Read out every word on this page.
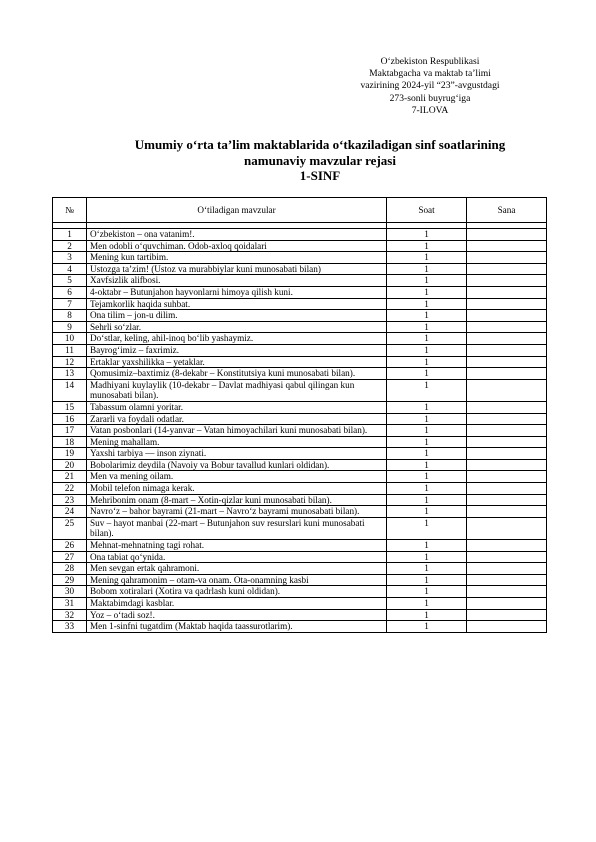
O‘zbekiston Respublikasi
Maktabgacha va maktab ta’limi
vazirining 2024-yil “23”-avgustdagi
273-sonli buyrug‘iga
7-ILOVA
Umumiy o‘rta ta’lim maktablarida o‘tkaziladigan sinf soatlarining
namunaviy mavzular rejasi
1-SINF
№	O‘tiladigan mavzular	Soat	Sana

1	O‘zbekiston – ona vatanim!.	1	
2	Men odobli o‘quvchiman. Odob-axloq qoidalari	1	
3	Mening kun tartibim.	1	
4	Ustozga ta’zim! (Ustoz va murabbiylar kuni munosabati bilan)	1	
5	Xavfsizlik alifbosi.	1	
6	4-oktabr – Butunjahon hayvonlarni himoya qilish kuni.	1	
7	Tejamkorlik haqida suhbat.	1	
8	Ona tilim – jon-u dilim.	1	
9	Sehrli so‘zlar.	1	
10	Do‘stlar, keling, ahil-inoq bo‘lib yashaymiz.	1	
11	Bayrog‘imiz – faxrimiz.	1	
12	Ertaklar yaxshilikka – yetaklar.	1	
13	Qomusimiz–baxtimiz (8-dekabr – Konstitutsiya kuni munosabati bilan).	1	
14	Madhiyani kuylaylik (10-dekabr – Davlat madhiyasi qabul qilingan kun munosabati bilan).	1	
15	Tabassum olamni yoritar.	1	
16	Zararli va foydali odatlar.	1	
17	Vatan posbonlari (14-yanvar – Vatan himoyachilari kuni munosabati bilan).	1	
18	Mening mahallam.	1	
19	Yaxshi tarbiya — inson ziynati.	1	
20	Bobolarimiz deydila (Navoiy va Bobur tavallud kunlari oldidan).	1	
21	Men va mening oilam.	1	
22	Mobil telefon nimaga kerak.	1	
23	Mehribonim onam (8-mart – Xotin-qizlar kuni munosabati bilan).	1	
24	Navro‘z – bahor bayrami (21-mart – Navro‘z bayrami munosabati bilan).	1	
25	Suv – hayot manbai (22-mart – Butunjahon suv resurslari kuni munosabati bilan).	1	
26	Mehnat-mehnatning tagi rohat.	1	
27	Ona tabiat qo‘ynida.	1	
28	Men sevgan ertak qahramoni.	1	
29	Mening qahramonim – otam-va onam. Ota-onamning kasbi	1	
30	Bobom xotiralari (Xotira va qadrlash kuni oldidan).	1	
31	Maktabimdagi kasblar.	1	
32	Yoz – o‘tadi soz!.	1	
33	Men 1-sinfni tugatdim (Maktab haqida taassurotlarim).	1	
